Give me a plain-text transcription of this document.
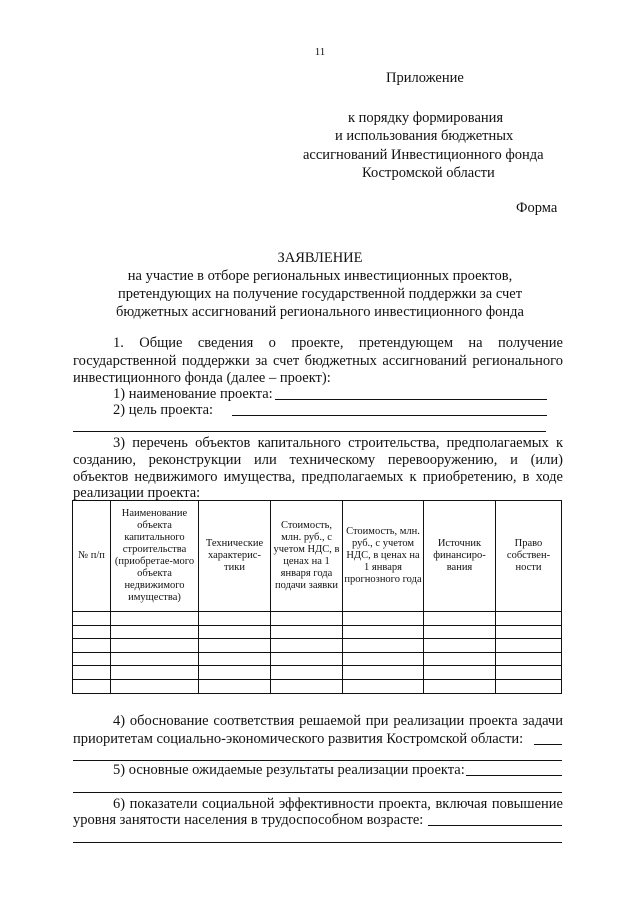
11
Приложение
к порядку формирования
и использования бюджетных
ассигнований Инвестиционного фонда
Костромской области
Форма
ЗАЯВЛЕНИЕ
на участие в отборе региональных инвестиционных проектов,
претендующих на получение государственной поддержки за счет
бюджетных ассигнований регионального инвестиционного фонда
1. Общие сведения о проекте, претендующем на получение
государственной поддержки за счет бюджетных ассигнований регионального
инвестиционного фонда (далее – проект):
1) наименование проекта:
2) цель проекта:
3) перечень объектов капитального строительства, предполагаемых к
созданию, реконструкции или техническому перевооружению, и (или)
объектов недвижимого имущества, предполагаемых к приобретению, в ходе
реализации проекта:
№ п/п	Наименование объекта капитального строительства (приобретае-мого объекта недвижимого имущества)	Технические характерис-тики	Стоимость, млн. руб., с учетом НДС, в ценах на 1 января года подачи заявки	Стоимость, млн. руб., с учетом НДС, в ценах на 1 января прогнозного года	Источник финансиро-вания	Право собствен-ности

4) обоснование соответствия решаемой при реализации проекта задачи
приоритетам социально-экономического развития Костромской области:
5) основные ожидаемые результаты реализации проекта:
6) показатели социальной эффективности проекта, включая повышение
уровня занятости населения в трудоспособном возрасте:
